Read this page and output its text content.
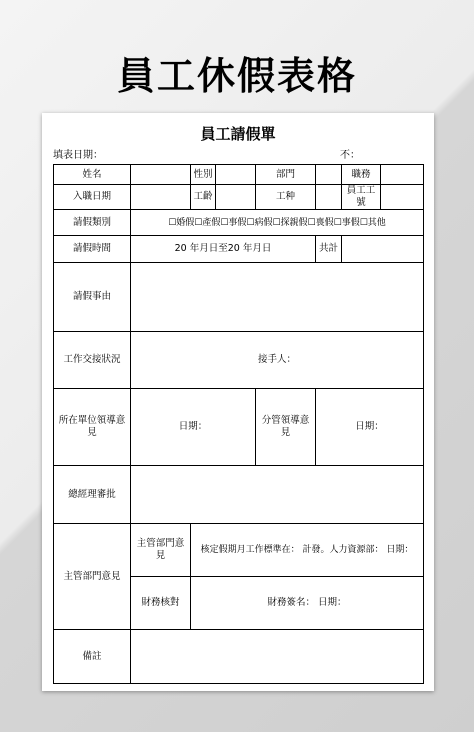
員工休假表格
員工請假單
填表日期：	不：
姓名		性別		部門		職務	
入職日期		工齡		工种		員工工號	
請假類別	☐婚假☐產假☐事假☐病假☐探親假☐喪假☐事假☐其他						
請假時間	20 年月日至20 年月日				共計		
請假事由							
工作交接狀況	接手人：						
所在單位領導意見	日期：			分管領導意見	日期：		
總經理審批							
主管部門意見	主管部門意見	核定假期月工作標準在： 計發。人力資源部： 日期：					
	財務核對	財務簽名： 日期：					
備註							
